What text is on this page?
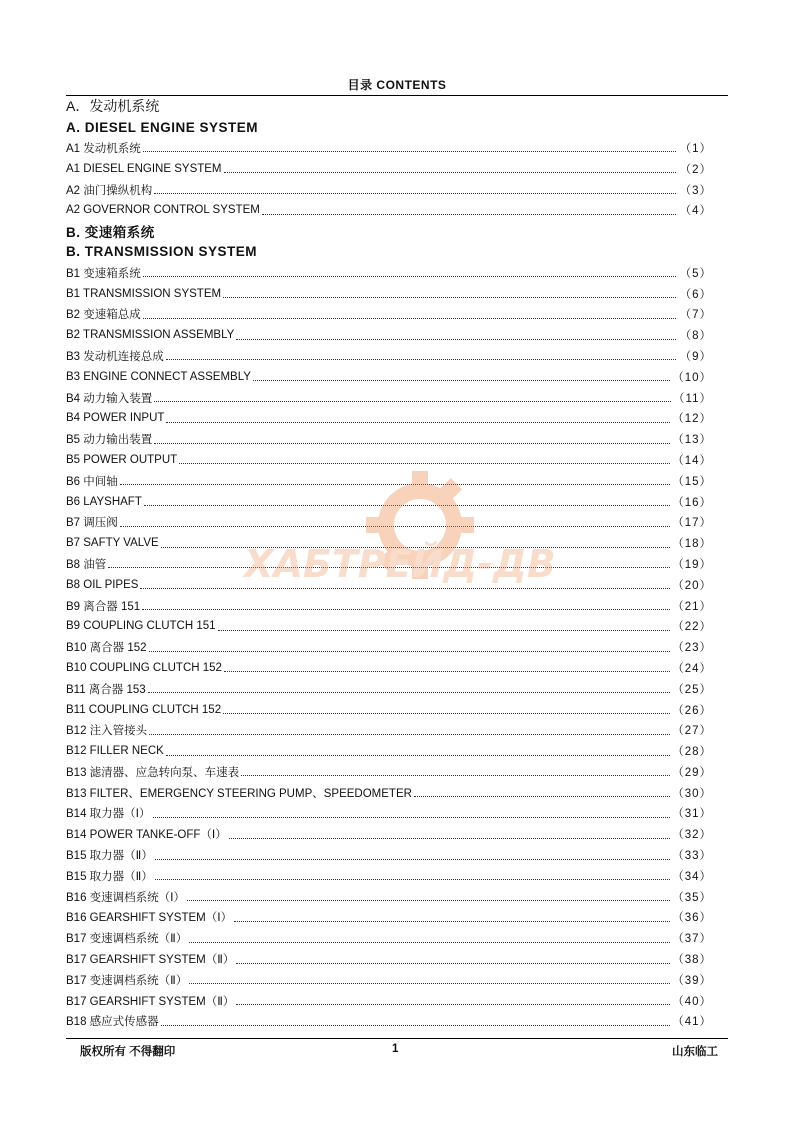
目录 CONTENTS
A．发动机系统
A. DIESEL ENGINE SYSTEM
A1 发动机系统	（1）
A1 DIESEL ENGINE SYSTEM	（2）
A2 油门操纵机构	（3）
A2 GOVERNOR CONTROL SYSTEM	（4）
B. 变速箱系统
B. TRANSMISSION SYSTEM
B1 变速箱系统	（5）
B1 TRANSMISSION SYSTEM	（6）
B2 变速箱总成	（7）
B2 TRANSMISSION ASSEMBLY	（8）
B3 发动机连接总成	（9）
B3 ENGINE CONNECT ASSEMBLY	（10）
B4 动力输入装置	（11）
B4 POWER INPUT	（12）
B5 动力输出装置	（13）
B5 POWER OUTPUT	（14）
B6 中间轴	（15）
B6 LAYSHAFT	（16）
B7 调压阀	（17）
B7 SAFTY VALVE	（18）
B8 油管	（19）
B8 OIL PIPES	（20）
B9 离合器 151	（21）
B9 COUPLING CLUTCH 151	（22）
B10 离合器 152	（23）
B10 COUPLING CLUTCH 152	（24）
B11 离合器 153	（25）
B11 COUPLING CLUTCH 152	（26）
B12 注入管接头	（27）
B12 FILLER NECK	（28）
B13 滤清器、应急转向泵、车速表	（29）
B13 FILTER、EMERGENCY STEERING PUMP、SPEEDOMETER	（30）
B14 取力器（Ⅰ）	（31）
B14 POWER TANKE-OFF（Ⅰ）	（32）
B15 取力器（Ⅱ）	（33）
B15 取力器（Ⅱ）	（34）
B16 变速调档系统（Ⅰ）	（35）
B16 GEARSHIFT SYSTEM（Ⅰ）	（36）
B17 变速调档系统（Ⅱ）	（37）
B17 GEARSHIFT SYSTEM（Ⅱ）	（38）
B17 变速调档系统（Ⅱ）	（39）
B17 GEARSHIFT SYSTEM（Ⅱ）	（40）
B18 感应式传感器	（41）
ХАБТРЕЙД-ДВ
版权所有 不得翻印	1	山东临工
